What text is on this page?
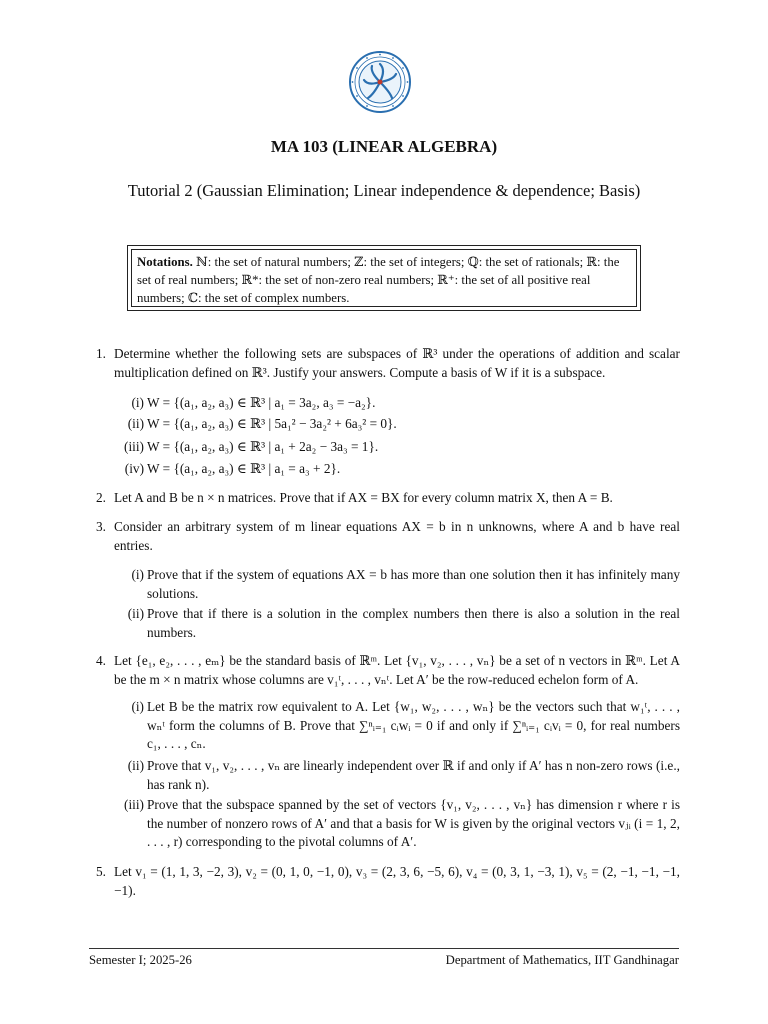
MA 103 (LINEAR ALGEBRA)
Tutorial 2 (Gaussian Elimination; Linear independence & dependence; Basis)
Notations. ℕ: the set of natural numbers; ℤ: the set of integers; ℚ: the set of rationals; ℝ: the set of real numbers; ℝ*: the set of non-zero real numbers; ℝ⁺: the set of all positive real numbers; ℂ: the set of complex numbers.
1. Determine whether the following sets are subspaces of ℝ³ under the operations of addition and scalar multiplication defined on ℝ³. Justify your answers. Compute a basis of W if it is a subspace.
(i) W = {(a₁, a₂, a₃) ∈ ℝ³ | a₁ = 3a₂, a₃ = −a₂}.
(ii) W = {(a₁, a₂, a₃) ∈ ℝ³ | 5a₁² − 3a₂² + 6a₃² = 0}.
(iii) W = {(a₁, a₂, a₃) ∈ ℝ³ | a₁ + 2a₂ − 3a₃ = 1}.
(iv) W = {(a₁, a₂, a₃) ∈ ℝ³ | a₁ = a₃ + 2}.
2. Let A and B be n × n matrices. Prove that if AX = BX for every column matrix X, then A = B.
3. Consider an arbitrary system of m linear equations AX = b in n unknowns, where A and b have real entries.
(i) Prove that if the system of equations AX = b has more than one solution then it has infinitely many solutions.
(ii) Prove that if there is a solution in the complex numbers then there is also a solution in the real numbers.
4. Let {e₁, e₂, . . . , eₘ} be the standard basis of ℝᵐ. Let {v₁, v₂, . . . , vₙ} be a set of n vectors in ℝᵐ. Let A be the m × n matrix whose columns are v₁ᵗ, . . . , vₙᵗ. Let A′ be the row-reduced echelon form of A.
(i) Let B be the matrix row equivalent to A. Let {w₁, w₂, . . . , wₙ} be the vectors such that w₁ᵗ, . . . , wₙᵗ form the columns of B. Prove that ∑ⁿᵢ₌₁ cᵢwᵢ = 0 if and only if ∑ⁿᵢ₌₁ cᵢvᵢ = 0, for real numbers c₁, . . . , cₙ.
(ii) Prove that v₁, v₂, . . . , vₙ are linearly independent over ℝ if and only if A′ has n non-zero rows (i.e., has rank n).
(iii) Prove that the subspace spanned by the set of vectors {v₁, v₂, . . . , vₙ} has dimension r where r is the number of nonzero rows of A′ and that a basis for W is given by the original vectors vⱼᵢ (i = 1, 2, . . . , r) corresponding to the pivotal columns of A′.
5. Let v₁ = (1, 1, 3, −2, 3), v₂ = (0, 1, 0, −1, 0), v₃ = (2, 3, 6, −5, 6), v₄ = (0, 3, 1, −3, 1), v₅ = (2, −1, −1, −1, −1).
Semester I; 2025-26	Department of Mathematics, IIT Gandhinagar
